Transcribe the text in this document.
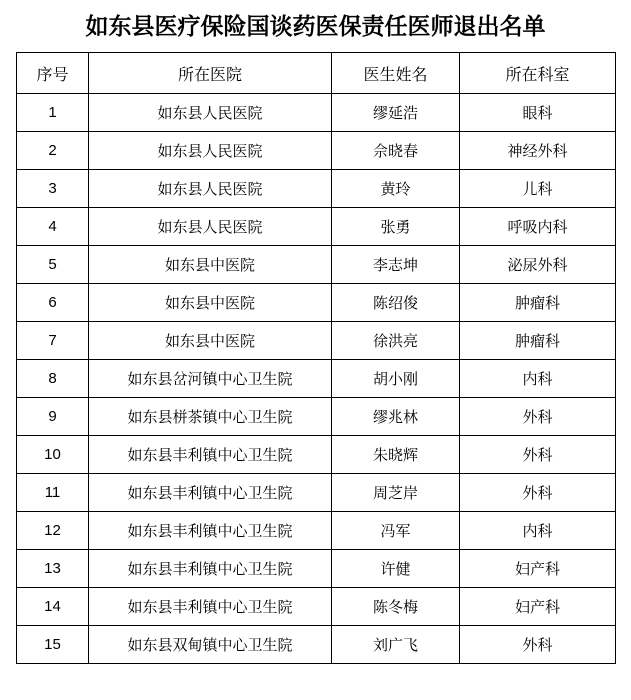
如东县医疗保险国谈药医保责任医师退出名单
序号	所在医院	医生姓名	所在科室
1	如东县人民医院	缪延浩	眼科
2	如东县人民医院	佘晓春	神经外科
3	如东县人民医院	黄玲	儿科
4	如东县人民医院	张勇	呼吸内科
5	如东县中医院	李志坤	泌尿外科
6	如东县中医院	陈绍俊	肿瘤科
7	如东县中医院	徐洪亮	肿瘤科
8	如东县岔河镇中心卫生院	胡小刚	内科
9	如东县栟茶镇中心卫生院	缪兆林	外科
10	如东县丰利镇中心卫生院	朱晓辉	外科
11	如东县丰利镇中心卫生院	周芝岸	外科
12	如东县丰利镇中心卫生院	冯军	内科
13	如东县丰利镇中心卫生院	许健	妇产科
14	如东县丰利镇中心卫生院	陈冬梅	妇产科
15	如东县双甸镇中心卫生院	刘广飞	外科
